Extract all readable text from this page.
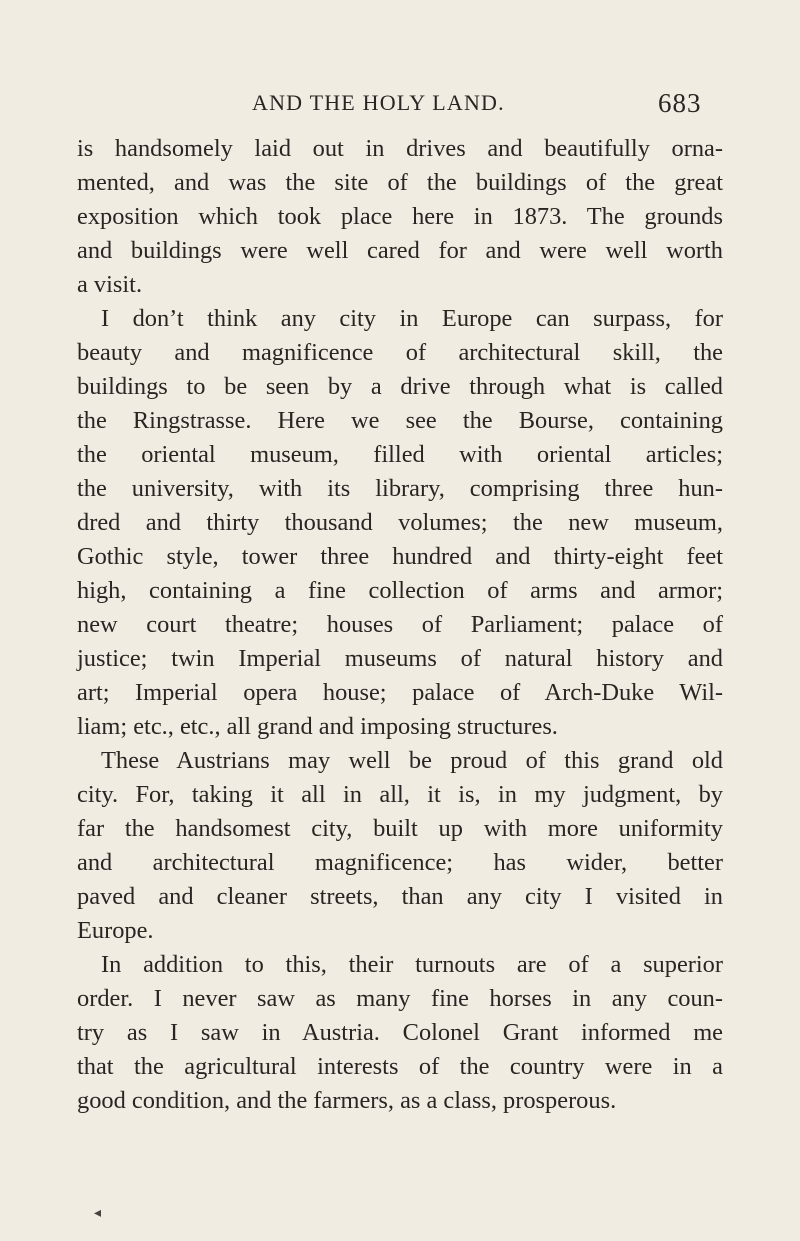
AND THE HOLY LAND.	683
is handsomely laid out in drives and beautifully orna-
mented, and was the site of the buildings of the great
exposition which took place here in 1873. The grounds
and buildings were well cared for and were well worth
a visit.
I don’t think any city in Europe can surpass, for
beauty and magnificence of architectural skill, the
buildings to be seen by a drive through what is called
the Ringstrasse. Here we see the Bourse, containing
the oriental museum, filled with oriental articles;
the university, with its library, comprising three hun-
dred and thirty thousand volumes; the new museum,
Gothic style, tower three hundred and thirty-eight feet
high, containing a fine collection of arms and armor;
new court theatre; houses of Parliament; palace of
justice; twin Imperial museums of natural history and
art; Imperial opera house; palace of Arch-Duke Wil-
liam; etc., etc., all grand and imposing structures.
These Austrians may well be proud of this grand old
city. For, taking it all in all, it is, in my judgment, by
far the handsomest city, built up with more uniformity
and architectural magnificence; has wider, better
paved and cleaner streets, than any city I visited in
Europe.
In addition to this, their turnouts are of a superior
order. I never saw as many fine horses in any coun-
try as I saw in Austria. Colonel Grant informed me
that the agricultural interests of the country were in a
good condition, and the farmers, as a class, prosperous.
◂
